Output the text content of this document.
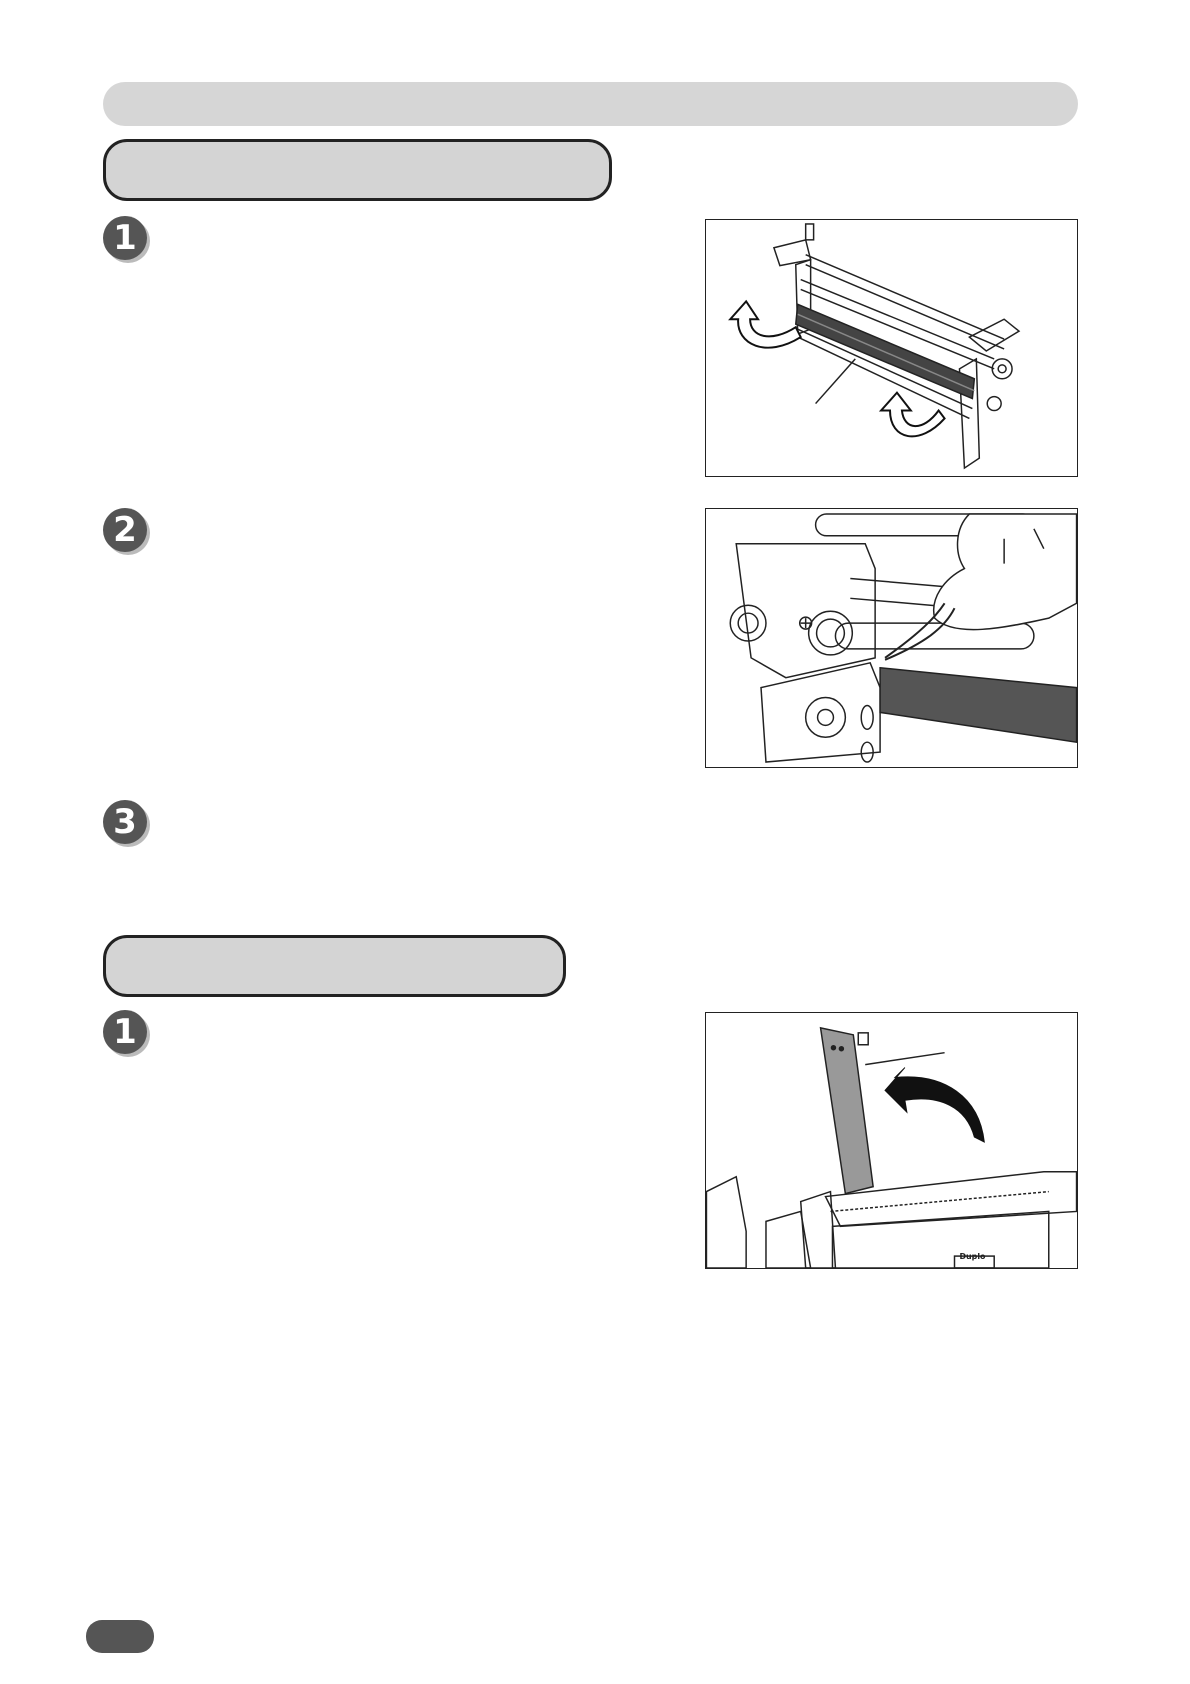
1
2
3
1
Duplo
